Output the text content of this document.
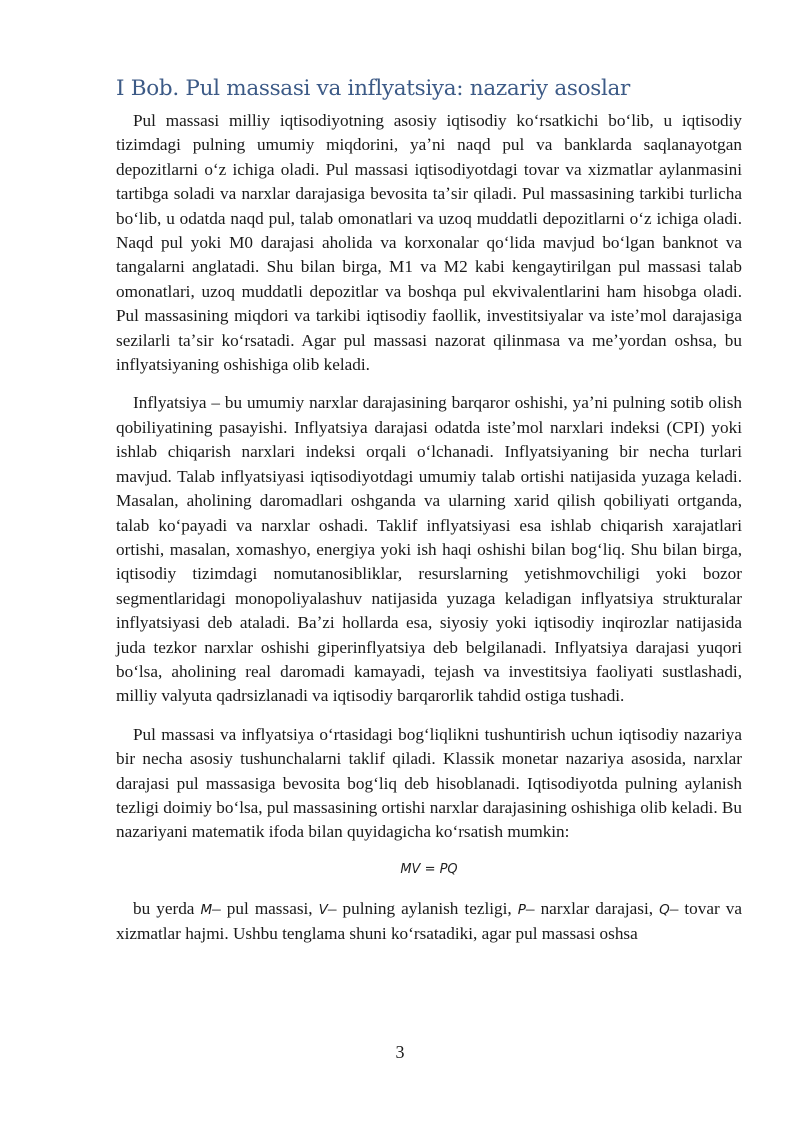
I Bob. Pul massasi va inflyatsiya: nazariy asoslar

Pul massasi milliy iqtisodiyotning asosiy iqtisodiy koʻrsatkichi boʻlib, u iqtisodiy tizimdagi pulning umumiy miqdorini, yaʼni naqd pul va banklarda saqlanayotgan depozitlarni oʻz ichiga oladi. Pul massasi iqtisodiyotdagi tovar va xizmatlar aylanmasini tartibga soladi va narxlar darajasiga bevosita taʼsir qiladi. Pul massasining tarkibi turlicha boʻlib, u odatda naqd pul, talab omonatlari va uzoq muddatli depozitlarni oʻz ichiga oladi. Naqd pul yoki M0 darajasi aholida va korxonalar qoʻlida mavjud boʻlgan banknot va tangalarni anglatadi. Shu bilan birga, M1 va M2 kabi kengaytirilgan pul massasi talab omonatlari, uzoq muddatli depozitlar va boshqa pul ekvivalentlarini ham hisobga oladi. Pul massasining miqdori va tarkibi iqtisodiy faollik, investitsiyalar va isteʼmol darajasiga sezilarli taʼsir koʻrsatadi. Agar pul massasi nazorat qilinmasa va meʼyordan oshsa, bu inflyatsiyaning oshishiga olib keladi.

Inflyatsiya – bu umumiy narxlar darajasining barqaror oshishi, yaʼni pulning sotib olish qobiliyatining pasayishi. Inflyatsiya darajasi odatda isteʼmol narxlari indeksi (CPI) yoki ishlab chiqarish narxlari indeksi orqali oʻlchanadi. Inflyatsiyaning bir necha turlari mavjud. Talab inflyatsiyasi iqtisodiyotdagi umumiy talab ortishi natijasida yuzaga keladi. Masalan, aholining daromadlari oshganda va ularning xarid qilish qobiliyati ortganda, talab koʻpayadi va narxlar oshadi. Taklif inflyatsiyasi esa ishlab chiqarish xarajatlari ortishi, masalan, xomashyo, energiya yoki ish haqi oshishi bilan bogʻliq. Shu bilan birga, iqtisodiy tizimdagi nomutanosibliklar, resurslarning yetishmovchiligi yoki bozor segmentlaridagi monopoliyalashuv natijasida yuzaga keladigan inflyatsiya strukturalar inflyatsiyasi deb ataladi. Baʼzi hollarda esa, siyosiy yoki iqtisodiy inqirozlar natijasida juda tezkor narxlar oshishi giperinflyatsiya deb belgilanadi. Inflyatsiya darajasi yuqori boʻlsa, aholining real daromadi kamayadi, tejash va investitsiya faoliyati sustlashadi, milliy valyuta qadrsizlanadi va iqtisodiy barqarorlik tahdid ostiga tushadi.

Pul massasi va inflyatsiya oʻrtasidagi bogʻliqlikni tushuntirish uchun iqtisodiy nazariya bir necha asosiy tushunchalarni taklif qiladi. Klassik monetar nazariya asosida, narxlar darajasi pul massasiga bevosita bogʻliq deb hisoblanadi. Iqtisodiyotda pulning aylanish tezligi doimiy boʻlsa, pul massasining ortishi narxlar darajasining oshishiga olib keladi. Bu nazariyani matematik ifoda bilan quyidagicha koʻrsatish mumkin:

MV = PQ

bu yerda M– pul massasi, V– pulning aylanish tezligi, P– narxlar darajasi, Q– tovar va xizmatlar hajmi. Ushbu tenglama shuni koʻrsatadiki, agar pul massasi oshsa

3
